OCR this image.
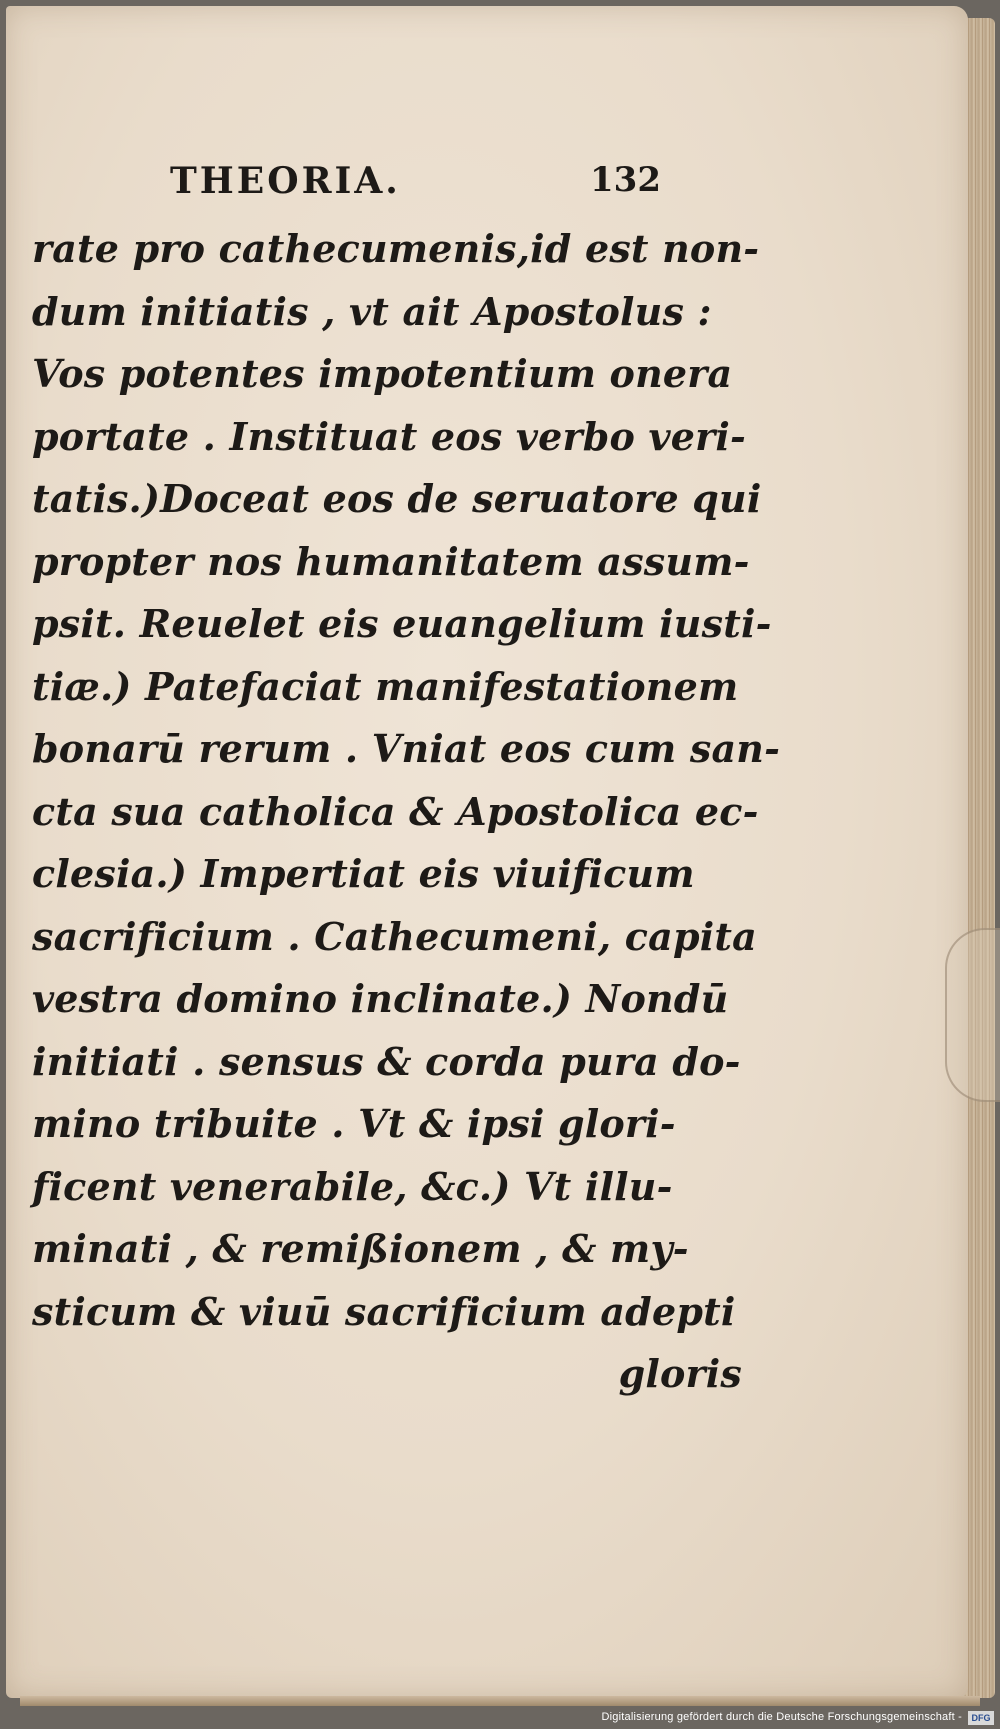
THEORIA.	132
rate pro cathecumenis,id est non-
dum initiatis , vt ait Apostolus :
Vos potentes impotentium onera
portate . Instituat eos verbo veri-
tatis.)Doceat eos de seruatore qui
propter nos humanitatem assum-
psit. Reuelet eis euangelium iusti-
tiæ.) Patefaciat manifestationem
bonarū rerum . Vniat eos cum san-
cta sua catholica & Apostolica ec-
clesia.) Impertiat eis viuificum
sacrificium . Cathecumeni, capita
vestra domino inclinate.) Nondū
initiati . sensus & corda pura do-
mino tribuite . Vt & ipsi glori-
ficent venerabile, &c.) Vt illu-
minati , & remißionem , & my-
sticum & viuū sacrificium adepti
gloris
Digitalisierung gefördert durch die Deutsche Forschungsgemeinschaft -	DFG
